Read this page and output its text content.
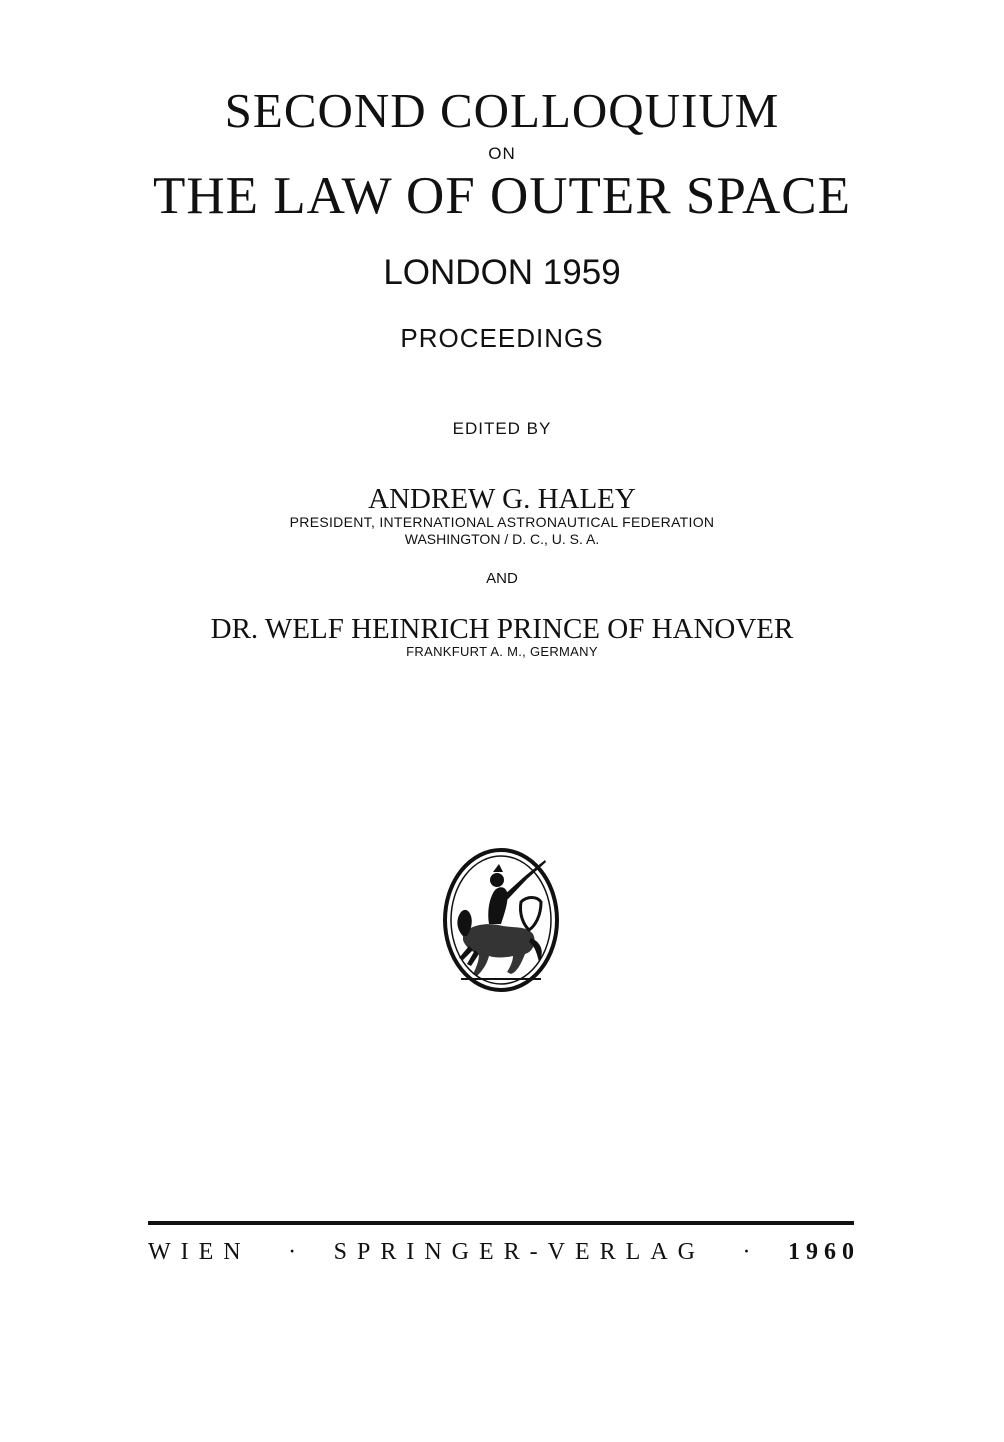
SECOND COLLOQUIUM
ON
THE LAW OF OUTER SPACE
LONDON 1959
PROCEEDINGS
EDITED BY
ANDREW G. HALEY
PRESIDENT, INTERNATIONAL ASTRONAUTICAL FEDERATION
WASHINGTON / D. C., U. S. A.
AND
DR. WELF HEINRICH PRINCE OF HANOVER
FRANKFURT A. M., GERMANY
WIEN · SPRINGER-VERLAG · 1960
